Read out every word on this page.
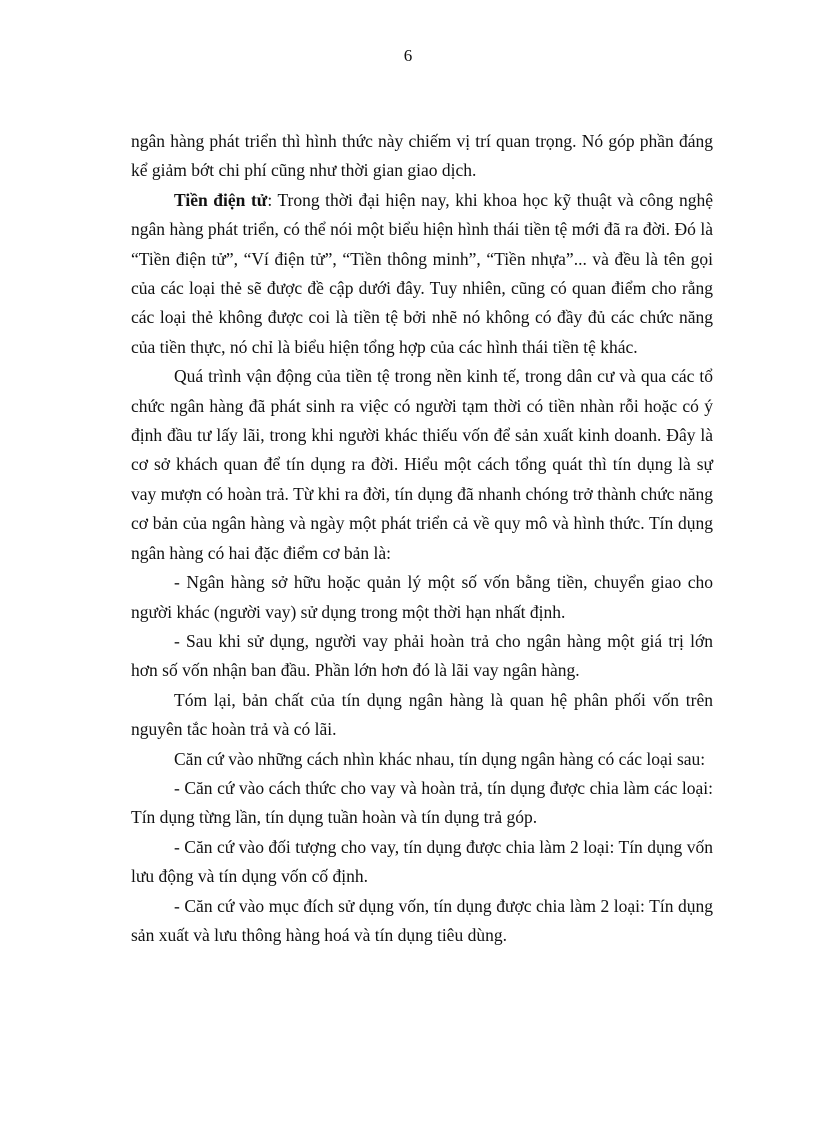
6

ngân hàng phát triển thì hình thức này chiếm vị trí quan trọng. Nó góp phần đáng kể giảm bớt chi phí cũng như thời gian giao dịch.

Tiền điện tử: Trong thời đại hiện nay, khi khoa học kỹ thuật và công nghệ ngân hàng phát triển, có thể nói một biểu hiện hình thái tiền tệ mới đã ra đời. Đó là “Tiền điện tử”, “Ví điện tử”, “Tiền thông minh”, “Tiền nhựa”... và đều là tên gọi của các loại thẻ sẽ được đề cập dưới đây. Tuy nhiên, cũng có quan điểm cho rằng các loại thẻ không được coi là tiền tệ bởi nhẽ nó không có đầy đủ các chức năng của tiền thực, nó chỉ là biểu hiện tổng hợp của các hình thái tiền tệ khác.

Quá trình vận động của tiền tệ trong nền kinh tế, trong dân cư và qua các tổ chức ngân hàng đã phát sinh ra việc có người tạm thời có tiền nhàn rỗi hoặc có ý định đầu tư lấy lãi, trong khi người khác thiếu vốn để sản xuất kinh doanh. Đây là cơ sở khách quan để tín dụng ra đời. Hiểu một cách tổng quát thì tín dụng là sự vay mượn có hoàn trả. Từ khi ra đời, tín dụng đã nhanh chóng trở thành chức năng cơ bản của ngân hàng và ngày một phát triển cả về quy mô và hình thức. Tín dụng ngân hàng có hai đặc điểm cơ bản là:

- Ngân hàng sở hữu hoặc quản lý một số vốn bằng tiền, chuyển giao cho người khác (người vay) sử dụng trong một thời hạn nhất định.

- Sau khi sử dụng, người vay phải hoàn trả cho ngân hàng một giá trị lớn hơn số vốn nhận ban đầu. Phần lớn hơn đó là lãi vay ngân hàng.

Tóm lại, bản chất của tín dụng ngân hàng là quan hệ phân phối vốn trên nguyên tắc hoàn trả và có lãi.

Căn cứ vào những cách nhìn khác nhau, tín dụng ngân hàng có các loại sau:

- Căn cứ vào cách thức cho vay và hoàn trả, tín dụng được chia làm các loại: Tín dụng từng lần, tín dụng tuần hoàn và tín dụng trả góp.

- Căn cứ vào đối tượng cho vay, tín dụng được chia làm 2 loại: Tín dụng vốn lưu động và tín dụng vốn cố định.

- Căn cứ vào mục đích sử dụng vốn, tín dụng được chia làm 2 loại: Tín dụng sản xuất và lưu thông hàng hoá và tín dụng tiêu dùng.
